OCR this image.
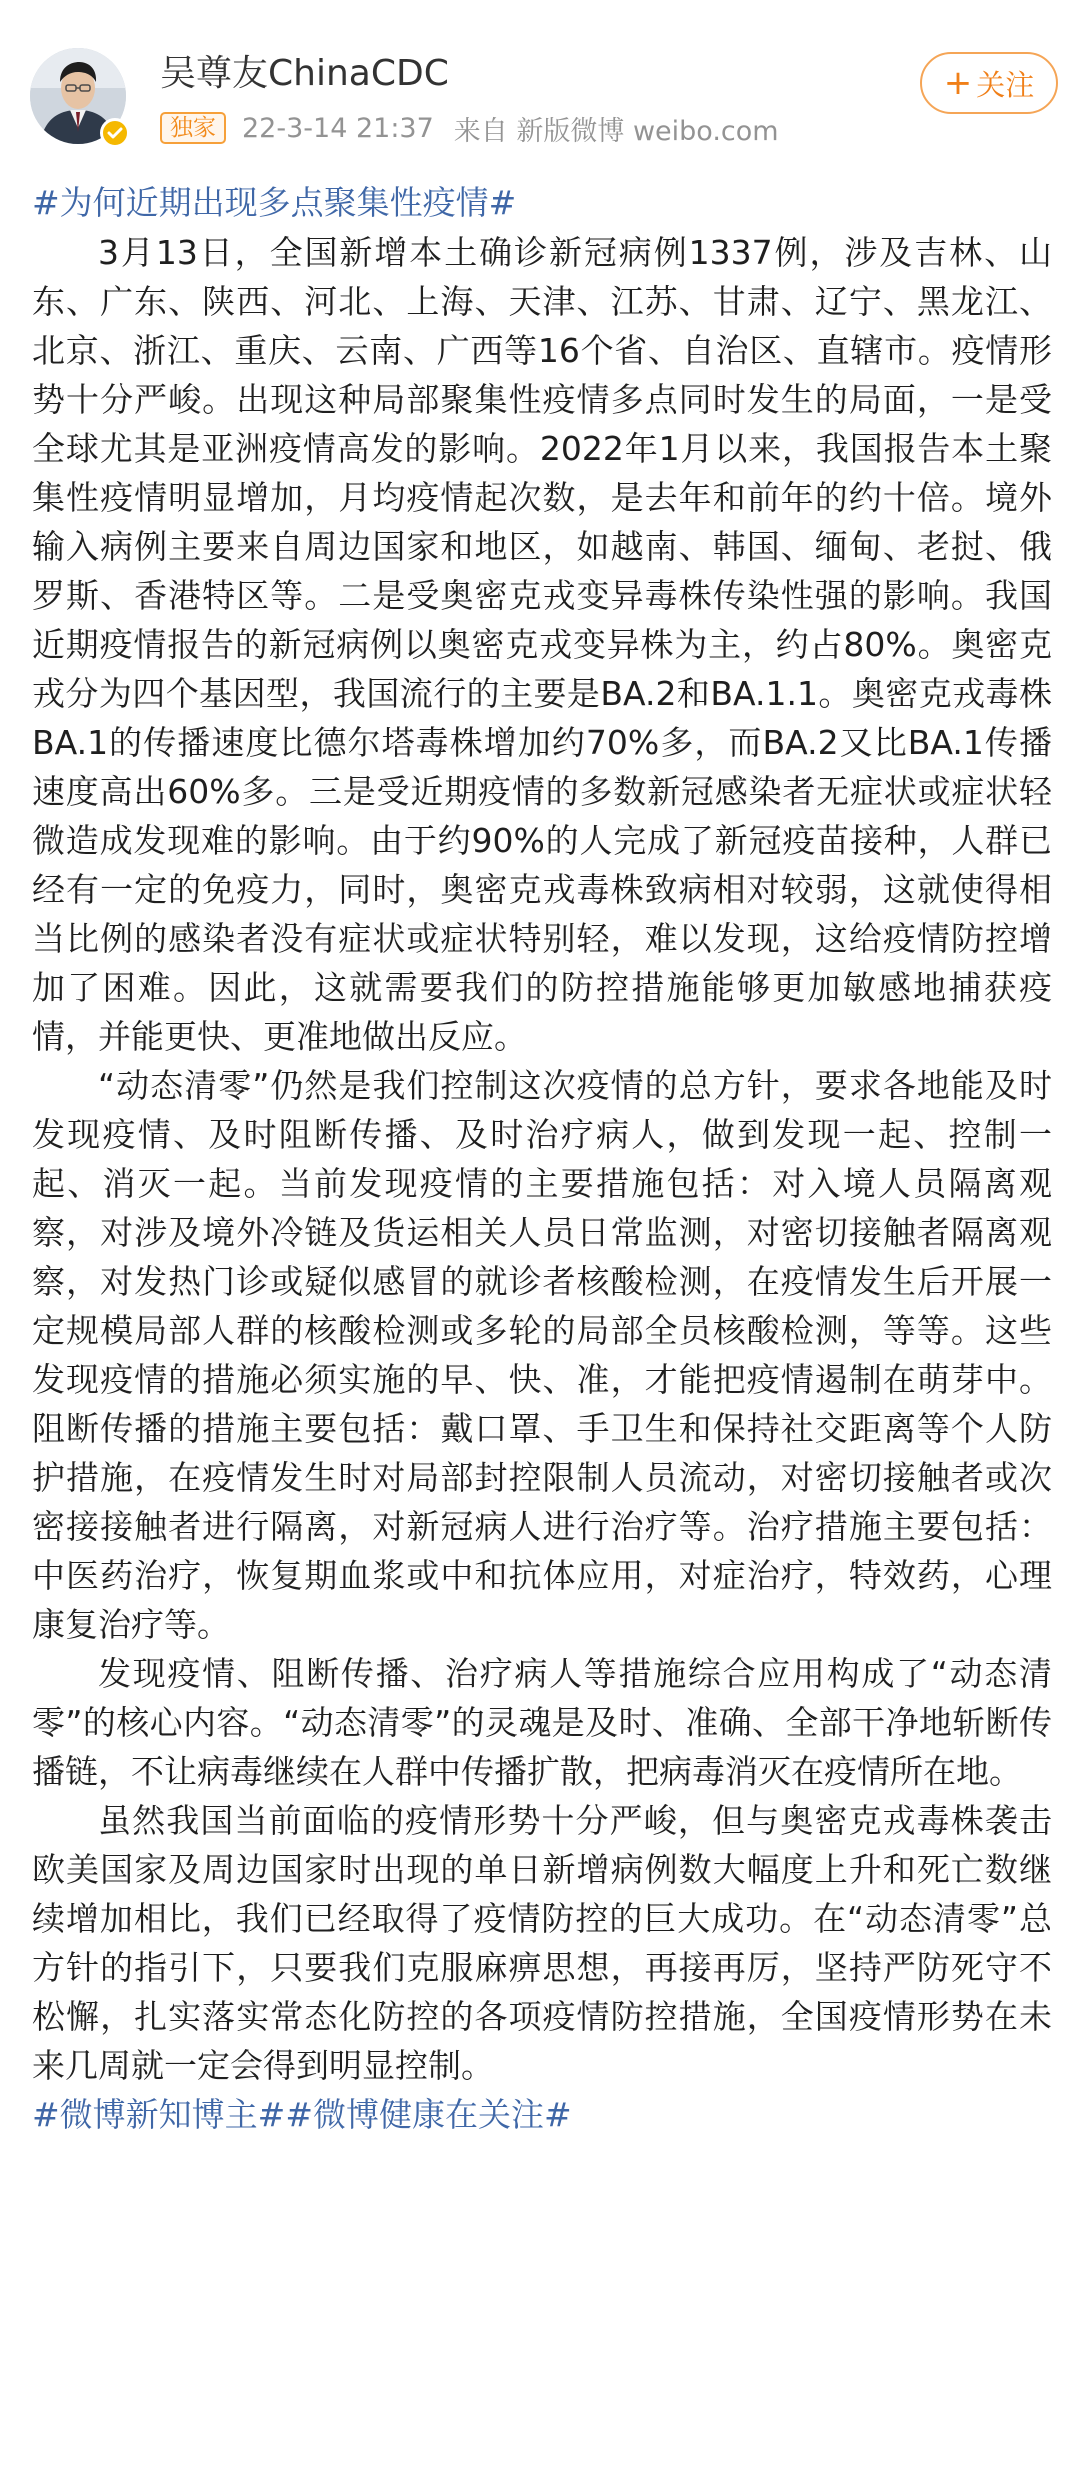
吴尊友ChinaCDC
独家 22-3-14 21:37 来自 新版微博 weibo.com
+ 关注
#为何近期出现多点聚集性疫情#

3月13日，全国新增本土确诊新冠病例1337例，涉及吉林、山东、广东、陕西、河北、上海、天津、江苏、甘肃、辽宁、黑龙江、北京、浙江、重庆、云南、广西等16个省、自治区、直辖市。疫情形势十分严峻。出现这种局部聚集性疫情多点同时发生的局面，一是受全球尤其是亚洲疫情高发的影响。2022年1月以来，我国报告本土聚集性疫情明显增加，月均疫情起次数，是去年和前年的约十倍。境外输入病例主要来自周边国家和地区，如越南、韩国、缅甸、老挝、俄罗斯、香港特区等。二是受奥密克戎变异毒株传染性强的影响。我国近期疫情报告的新冠病例以奥密克戎变异株为主，约占80%。奥密克戎分为四个基因型，我国流行的主要是BA.2和BA.1.1。奥密克戎毒株BA.1的传播速度比德尔塔毒株增加约70%多，而BA.2又比BA.1传播速度高出60%多。三是受近期疫情的多数新冠感染者无症状或症状轻微造成发现难的影响。由于约90%的人完成了新冠疫苗接种，人群已经有一定的免疫力，同时，奥密克戎毒株致病相对较弱，这就使得相当比例的感染者没有症状或症状特别轻，难以发现，这给疫情防控增加了困难。因此，这就需要我们的防控措施能够更加敏感地捕获疫情，并能更快、更准地做出反应。

“动态清零”仍然是我们控制这次疫情的总方针，要求各地能及时发现疫情、及时阻断传播、及时治疗病人，做到发现一起、控制一起、消灭一起。当前发现疫情的主要措施包括：对入境人员隔离观察，对涉及境外冷链及货运相关人员日常监测，对密切接触者隔离观察，对发热门诊或疑似感冒的就诊者核酸检测，在疫情发生后开展一定规模局部人群的核酸检测或多轮的局部全员核酸检测，等等。这些发现疫情的措施必须实施的早、快、准，才能把疫情遏制在萌芽中。阻断传播的措施主要包括：戴口罩、手卫生和保持社交距离等个人防护措施，在疫情发生时对局部封控限制人员流动，对密切接触者或次密接接触者进行隔离，对新冠病人进行治疗等。治疗措施主要包括：中医药治疗，恢复期血浆或中和抗体应用，对症治疗，特效药，心理康复治疗等。

发现疫情、阻断传播、治疗病人等措施综合应用构成了“动态清零”的核心内容。“动态清零”的灵魂是及时、准确、全部干净地斩断传播链，不让病毒继续在人群中传播扩散，把病毒消灭在疫情所在地。

虽然我国当前面临的疫情形势十分严峻，但与奥密克戎毒株袭击欧美国家及周边国家时出现的单日新增病例数大幅度上升和死亡数继续增加相比，我们已经取得了疫情防控的巨大成功。在“动态清零”总方针的指引下，只要我们克服麻痹思想，再接再厉，坚持严防死守不松懈，扎实落实常态化防控的各项疫情防控措施，全国疫情形势在未来几周就一定会得到明显控制。

#微博新知博主##微博健康在关注#
